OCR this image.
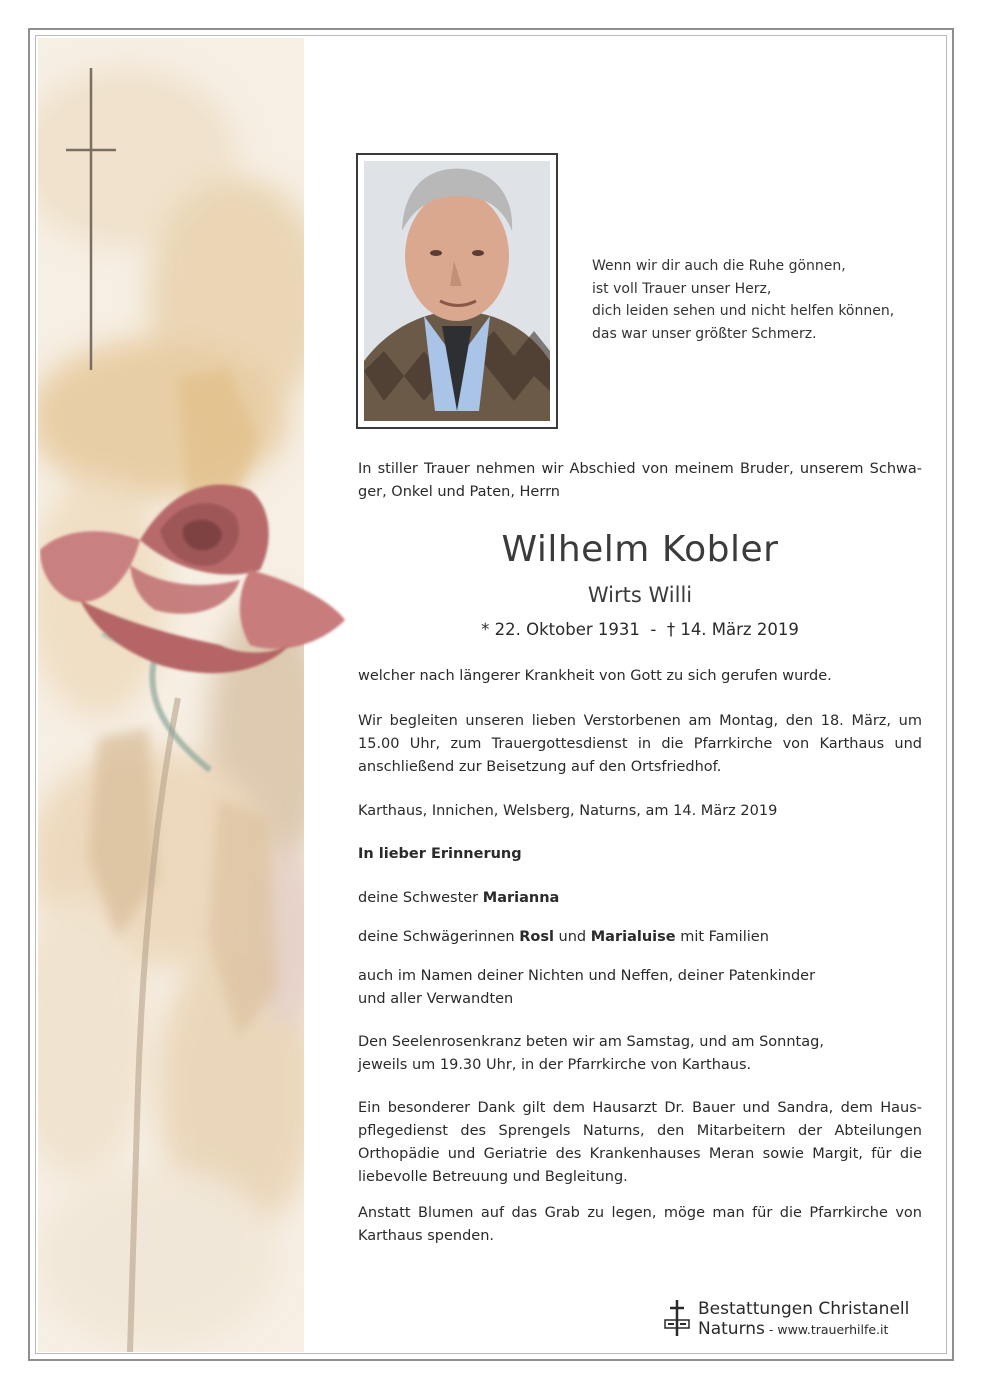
Wenn wir dir auch die Ruhe gönnen,
ist voll Trauer unser Herz,
dich leiden sehen und nicht helfen können,
das war unser größter Schmerz.
In stiller Trauer nehmen wir Abschied von meinem Bruder, unserem Schwa-
ger, Onkel und Paten, Herrn
Wilhelm Kobler
Wirts Willi
* 22. Oktober 1931  -  † 14. März 2019
welcher nach längerer Krankheit von Gott zu sich gerufen wurde.
Wir begleiten unseren lieben Verstorbenen am Montag, den 18. März, um
15.00 Uhr, zum Trauergottesdienst in die Pfarrkirche von Karthaus und
anschließend zur Beisetzung auf den Ortsfriedhof.
Karthaus, Innichen, Welsberg, Naturns, am 14. März 2019
In lieber Erinnerung
deine Schwester Marianna
deine Schwägerinnen Rosl und Marialuise mit Familien
auch im Namen deiner Nichten und Neffen, deiner Patenkinder
und aller Verwandten
Den Seelenrosenkranz beten wir am Samstag, und am Sonntag,
jeweils um 19.30 Uhr, in der Pfarrkirche von Karthaus.
Ein besonderer Dank gilt dem Hausarzt Dr. Bauer und Sandra, dem Haus-
pflegedienst des Sprengels Naturns, den Mitarbeitern der Abteilungen
Orthopädie und Geriatrie des Krankenhauses Meran sowie Margit, für die
liebevolle Betreuung und Begleitung.
Anstatt Blumen auf das Grab zu legen, möge man für die Pfarrkirche von
Karthaus spenden.
Bestattungen Christanell
Naturns - www.trauerhilfe.it
